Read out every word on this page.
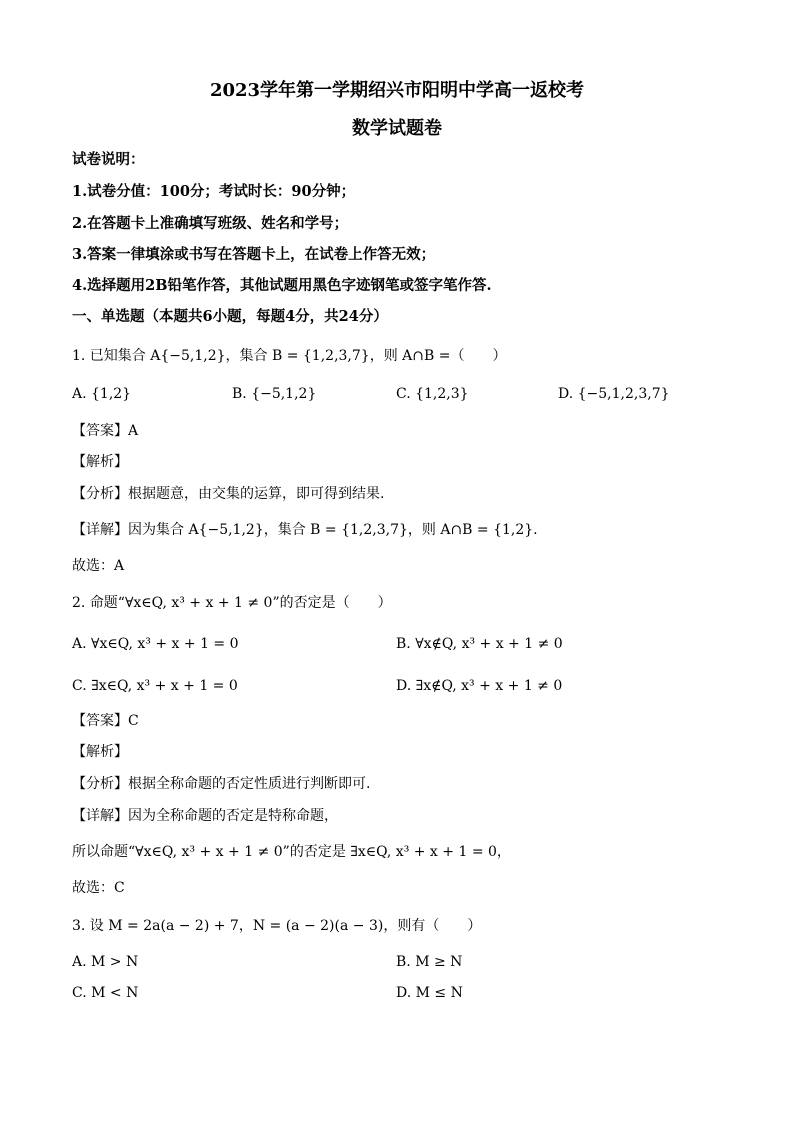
2023学年第一学期绍兴市阳明中学高一返校考
数学试题卷
试卷说明：
1.试卷分值：100分；考试时长：90分钟；
2.在答题卡上准确填写班级、姓名和学号；
3.答案一律填涂或书写在答题卡上，在试卷上作答无效；
4.选择题用2B铅笔作答，其他试题用黑色字迹钢笔或签字笔作答.
一、单选题（本题共6小题，每题4分，共24分）
1. 已知集合 A{−5,1,2}，集合 B = {1,2,3,7}，则 A∩B =（　　）
A. {1,2}	B. {−5,1,2}	C. {1,2,3}	D. {−5,1,2,3,7}
【答案】A
【解析】
【分析】根据题意，由交集的运算，即可得到结果.
【详解】因为集合 A{−5,1,2}，集合 B = {1,2,3,7}，则 A∩B = {1,2}.
故选：A
2. 命题“∀x∈Q, x³ + x + 1 ≠ 0”的否定是（　　）
A. ∀x∈Q, x³ + x + 1 = 0	B. ∀x∉Q, x³ + x + 1 ≠ 0
C. ∃x∈Q, x³ + x + 1 = 0	D. ∃x∉Q, x³ + x + 1 ≠ 0
【答案】C
【解析】
【分析】根据全称命题的否定性质进行判断即可.
【详解】因为全称命题的否定是特称命题，
所以命题“∀x∈Q, x³ + x + 1 ≠ 0”的否定是 ∃x∈Q, x³ + x + 1 = 0，
故选：C
3. 设 M = 2a(a − 2) + 7，N = (a − 2)(a − 3)，则有（　　）
A. M > N	B. M ≥ N
C. M < N	D. M ≤ N
